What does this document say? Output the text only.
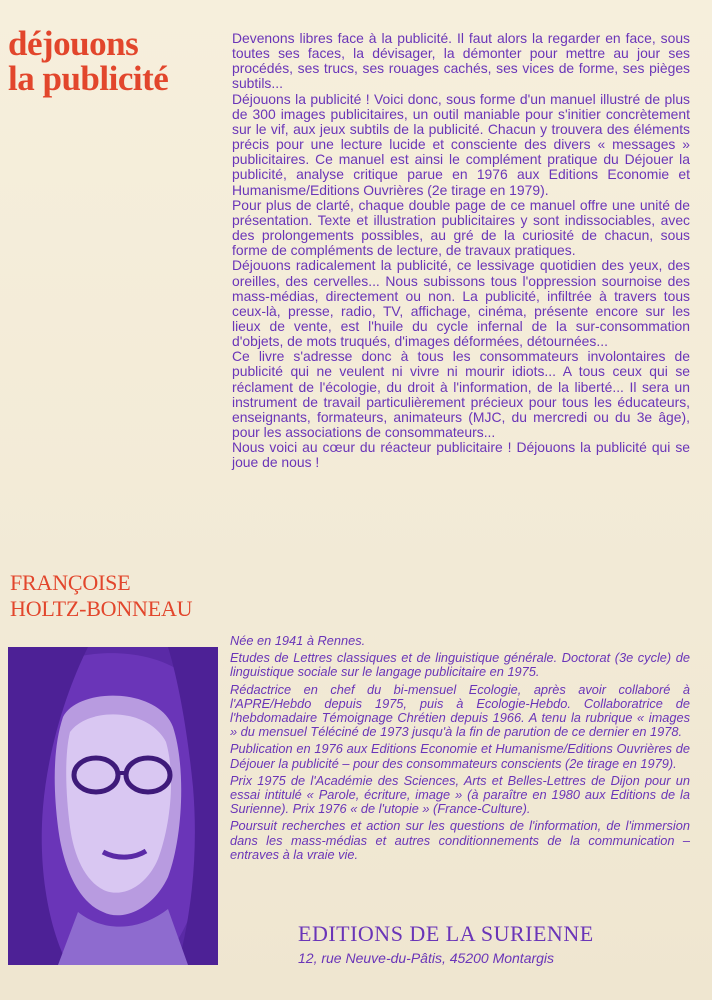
déjouons
la publicité

Devenons libres face à la publicité. Il faut alors la regarder en face, sous toutes ses faces, la dévisager, la démonter pour mettre au jour ses procédés, ses trucs, ses rouages cachés, ses vices de forme, ses pièges subtils...

Déjouons la publicité ! Voici donc, sous forme d'un manuel illustré de plus de 300 images publicitaires, un outil maniable pour s'initier concrètement sur le vif, aux jeux subtils de la publicité. Chacun y trouvera des éléments précis pour une lecture lucide et consciente des divers « messages » publicitaires. Ce manuel est ainsi le complément pratique du Déjouer la publicité, analyse critique parue en 1976 aux Editions Economie et Humanisme/Editions Ouvrières (2e tirage en 1979).

Pour plus de clarté, chaque double page de ce manuel offre une unité de présentation. Texte et illustration publicitaires y sont indissociables, avec des prolongements possibles, au gré de la curiosité de chacun, sous forme de compléments de lecture, de travaux pratiques.

Déjouons radicalement la publicité, ce lessivage quotidien des yeux, des oreilles, des cervelles... Nous subissons tous l'oppression sournoise des mass-médias, directement ou non. La publicité, infiltrée à travers tous ceux-là, presse, radio, TV, affichage, cinéma, présente encore sur les lieux de vente, est l'huile du cycle infernal de la sur-consommation d'objets, de mots truqués, d'images déformées, détournées...

Ce livre s'adresse donc à tous les consommateurs involontaires de publicité qui ne veulent ni vivre ni mourir idiots... A tous ceux qui se réclament de l'écologie, du droit à l'information, de la liberté... Il sera un instrument de travail particulièrement précieux pour tous les éducateurs, enseignants, formateurs, animateurs (MJC, du mercredi ou du 3e âge), pour les associations de consommateurs...

Nous voici au cœur du réacteur publicitaire ! Déjouons la publicité qui se joue de nous !

FRANÇOISE
HOLTZ-BONNEAU

Née en 1941 à Rennes.

Etudes de Lettres classiques et de linguistique générale. Doctorat (3e cycle) de linguistique sociale sur le langage publicitaire en 1975.

Rédactrice en chef du bi-mensuel Ecologie, après avoir collaboré à l'APRE/Hebdo depuis 1975, puis à Ecologie-Hebdo. Collaboratrice de l'hebdomadaire Témoignage Chrétien depuis 1966. A tenu la rubrique « images » du mensuel Téléciné de 1973 jusqu'à la fin de parution de ce dernier en 1978.

Publication en 1976 aux Editions Economie et Humanisme/Editions Ouvrières de Déjouer la publicité – pour des consommateurs conscients (2e tirage en 1979).

Prix 1975 de l'Académie des Sciences, Arts et Belles-Lettres de Dijon pour un essai intitulé « Parole, écriture, image » (à paraître en 1980 aux Editions de la Surienne). Prix 1976 « de l'utopie » (France-Culture).

Poursuit recherches et action sur les questions de l'information, de l'immersion dans les mass-médias et autres conditionnements de la communication – entraves à la vraie vie.

EDITIONS DE LA SURIENNE
12, rue Neuve-du-Pâtis, 45200 Montargis
